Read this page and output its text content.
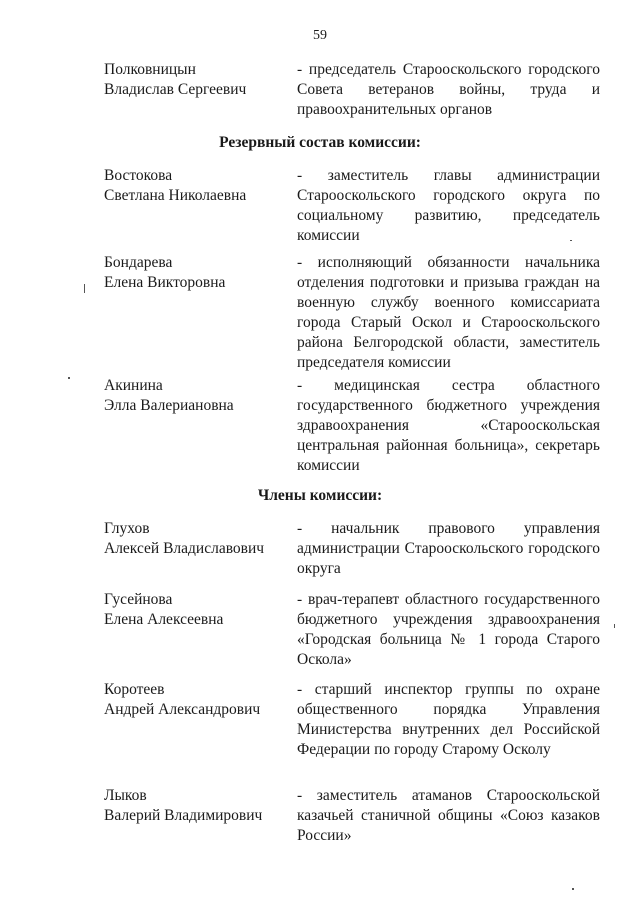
59
Полковницын
Владислав Сергеевич
- председатель Старооскольского городского Совета ветеранов войны, труда и правоохранительных органов
Резервный состав комиссии:
Востокова
Светлана Николаевна
- заместитель главы администрации Старооскольского городского округа по социальному развитию, председатель комиссии
Бондарева
Елена Викторовна
- исполняющий обязанности начальника отделения подготовки и призыва граждан на военную службу военного комиссариата города Старый Оскол и Старооскольского района Белгородской области, заместитель председателя комиссии
Акинина
Элла Валериановна
- медицинская сестра областного государственного бюджетного учреждения здравоохранения «Старооскольская центральная районная больница», секретарь комиссии
Члены комиссии:
Глухов
Алексей Владиславович
- начальник правового управления администрации Старооскольского городского округа
Гусейнова
Елена Алексеевна
- врач-терапевт областного государственного бюджетного учреждения здравоохранения «Городская больница № 1 города Старого Оскола»
Коротеев
Андрей Александрович
- старший инспектор группы по охране общественного порядка Управления Министерства внутренних дел Российской Федерации по городу Старому Осколу
Лыков
Валерий Владимирович
- заместитель атаманов Старооскольской казачьей станичной общины «Союз казаков России»
